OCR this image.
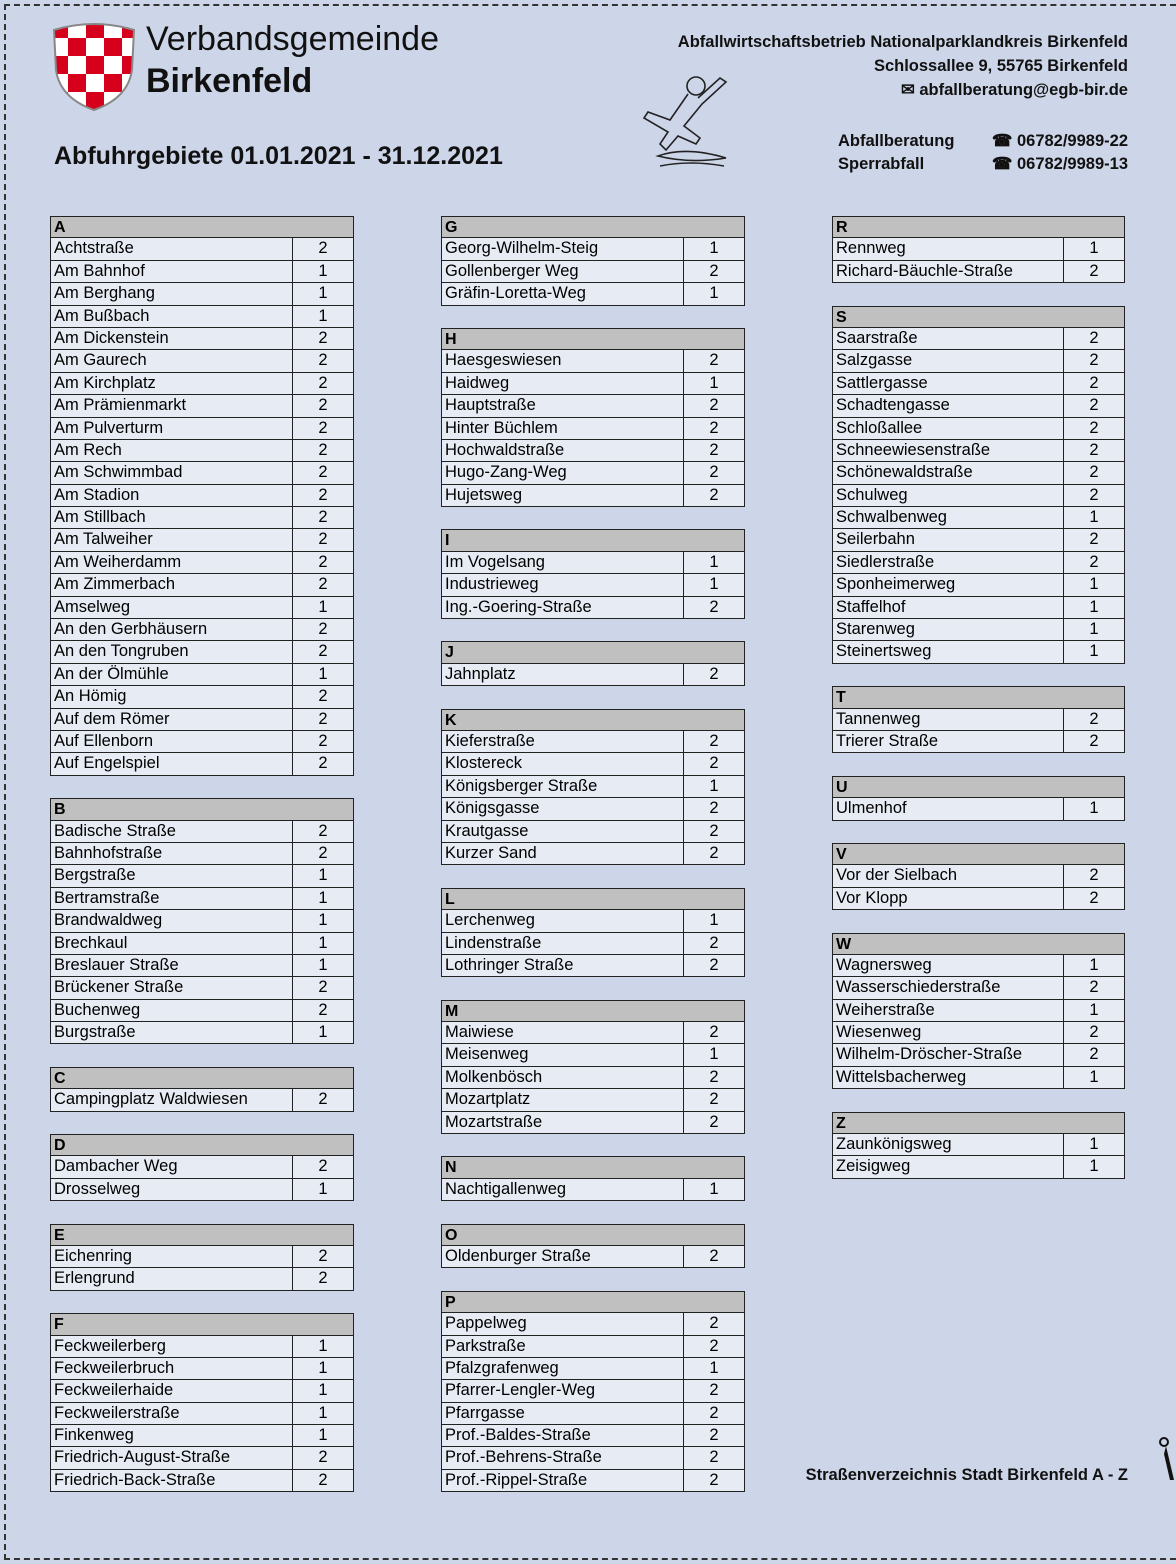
Verbandsgemeinde
Birkenfeld
Abfuhrgebiete 01.01.2021 - 31.12.2021
Abfallwirtschaftsbetrieb Nationalparklandkreis Birkenfeld
Schlossallee 9, 55765 Birkenfeld
✉ abfallberatung@egb-bir.de
Abfallberatung ☎ 06782/9989-22
Sperrabfall	☎ 06782/9989-13
A
Achtstraße	2
Am Bahnhof	1
Am Berghang	1
Am Bußbach	1
Am Dickenstein	2
Am Gaurech	2
Am Kirchplatz	2
Am Prämienmarkt	2
Am Pulverturm	2
Am Rech	2
Am Schwimmbad	2
Am Stadion	2
Am Stillbach	2
Am Talweiher	2
Am Weiherdamm	2
Am Zimmerbach	2
Amselweg	1
An den Gerbhäusern	2
An den Tongruben	2
An der Ölmühle	1
An Hömig	2
Auf dem Römer	2
Auf Ellenborn	2
Auf Engelspiel	2
B
Badische Straße	2
Bahnhofstraße	2
Bergstraße	1
Bertramstraße	1
Brandwaldweg	1
Brechkaul	1
Breslauer Straße	1
Brückener Straße	2
Buchenweg	2
Burgstraße	1
C
Campingplatz Waldwiesen	2
D
Dambacher Weg	2
Drosselweg	1
E
Eichenring	2
Erlengrund	2
F
Feckweilerberg	1
Feckweilerbruch	1
Feckweilerhaide	1
Feckweilerstraße	1
Finkenweg	1
Friedrich-August-Straße	2
Friedrich-Back-Straße	2
G
Georg-Wilhelm-Steig	1
Gollenberger Weg	2
Gräfin-Loretta-Weg	1
H
Haesgeswiesen	2
Haidweg	1
Hauptstraße	2
Hinter Büchlem	2
Hochwaldstraße	2
Hugo-Zang-Weg	2
Hujetsweg	2
I
Im Vogelsang	1
Industrieweg	1
Ing.-Goering-Straße	2
J
Jahnplatz	2
K
Kieferstraße	2
Klostereck	2
Königsberger Straße	1
Königsgasse	2
Krautgasse	2
Kurzer Sand	2
L
Lerchenweg	1
Lindenstraße	2
Lothringer Straße	2
M
Maiwiese	2
Meisenweg	1
Molkenbösch	2
Mozartplatz	2
Mozartstraße	2
N
Nachtigallenweg	1
O
Oldenburger Straße	2
P
Pappelweg	2
Parkstraße	2
Pfalzgrafenweg	1
Pfarrer-Lengler-Weg	2
Pfarrgasse	2
Prof.-Baldes-Straße	2
Prof.-Behrens-Straße	2
Prof.-Rippel-Straße	2
R
Rennweg	1
Richard-Bäuchle-Straße	2
S
Saarstraße	2
Salzgasse	2
Sattlergasse	2
Schadtengasse	2
Schloßallee	2
Schneewiesenstraße	2
Schönewaldstraße	2
Schulweg	2
Schwalbenweg	1
Seilerbahn	2
Siedlerstraße	2
Sponheimerweg	1
Staffelhof	1
Starenweg	1
Steinertsweg	1
T
Tannenweg	2
Trierer Straße	2
U
Ulmenhof	1
V
Vor der Sielbach	2
Vor Klopp	2
W
Wagnersweg	1
Wasserschiederstraße	2
Weiherstraße	1
Wiesenweg	2
Wilhelm-Dröscher-Straße	2
Wittelsbacherweg	1
Z
Zaunkönigsweg	1
Zeisigweg	1
Straßenverzeichnis Stadt Birkenfeld A - Z
